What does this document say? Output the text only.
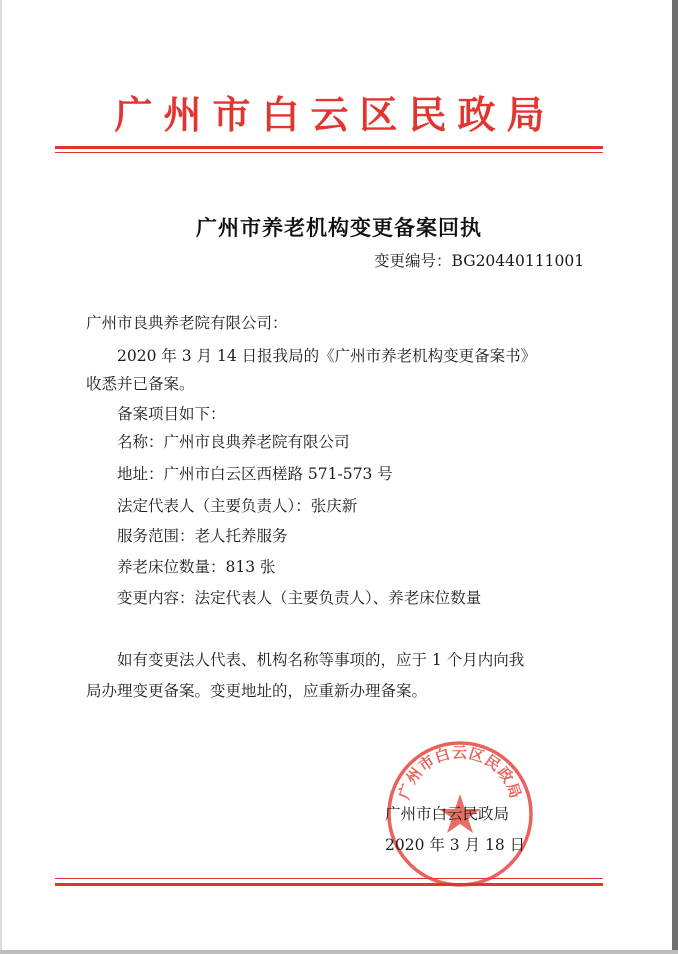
广州市白云区民政局
广州市养老机构变更备案回执
变更编号：BG20440111001
广州市良典养老院有限公司：
2020 年 3 月 14 日报我局的《广州市养老机构变更备案书》
收悉并已备案。
备案项目如下：
名称：广州市良典养老院有限公司
地址：广州市白云区西槎路 571-573 号
法定代表人（主要负责人）：张庆新
服务范围：老人托养服务
养老床位数量：813 张
变更内容：法定代表人（主要负责人）、养老床位数量
如有变更法人代表、机构名称等事项的，应于 1 个月内向我
局办理变更备案。变更地址的，应重新办理备案。
广州市白云区民政局
广州市白云民政局
2020 年 3 月 18 日
